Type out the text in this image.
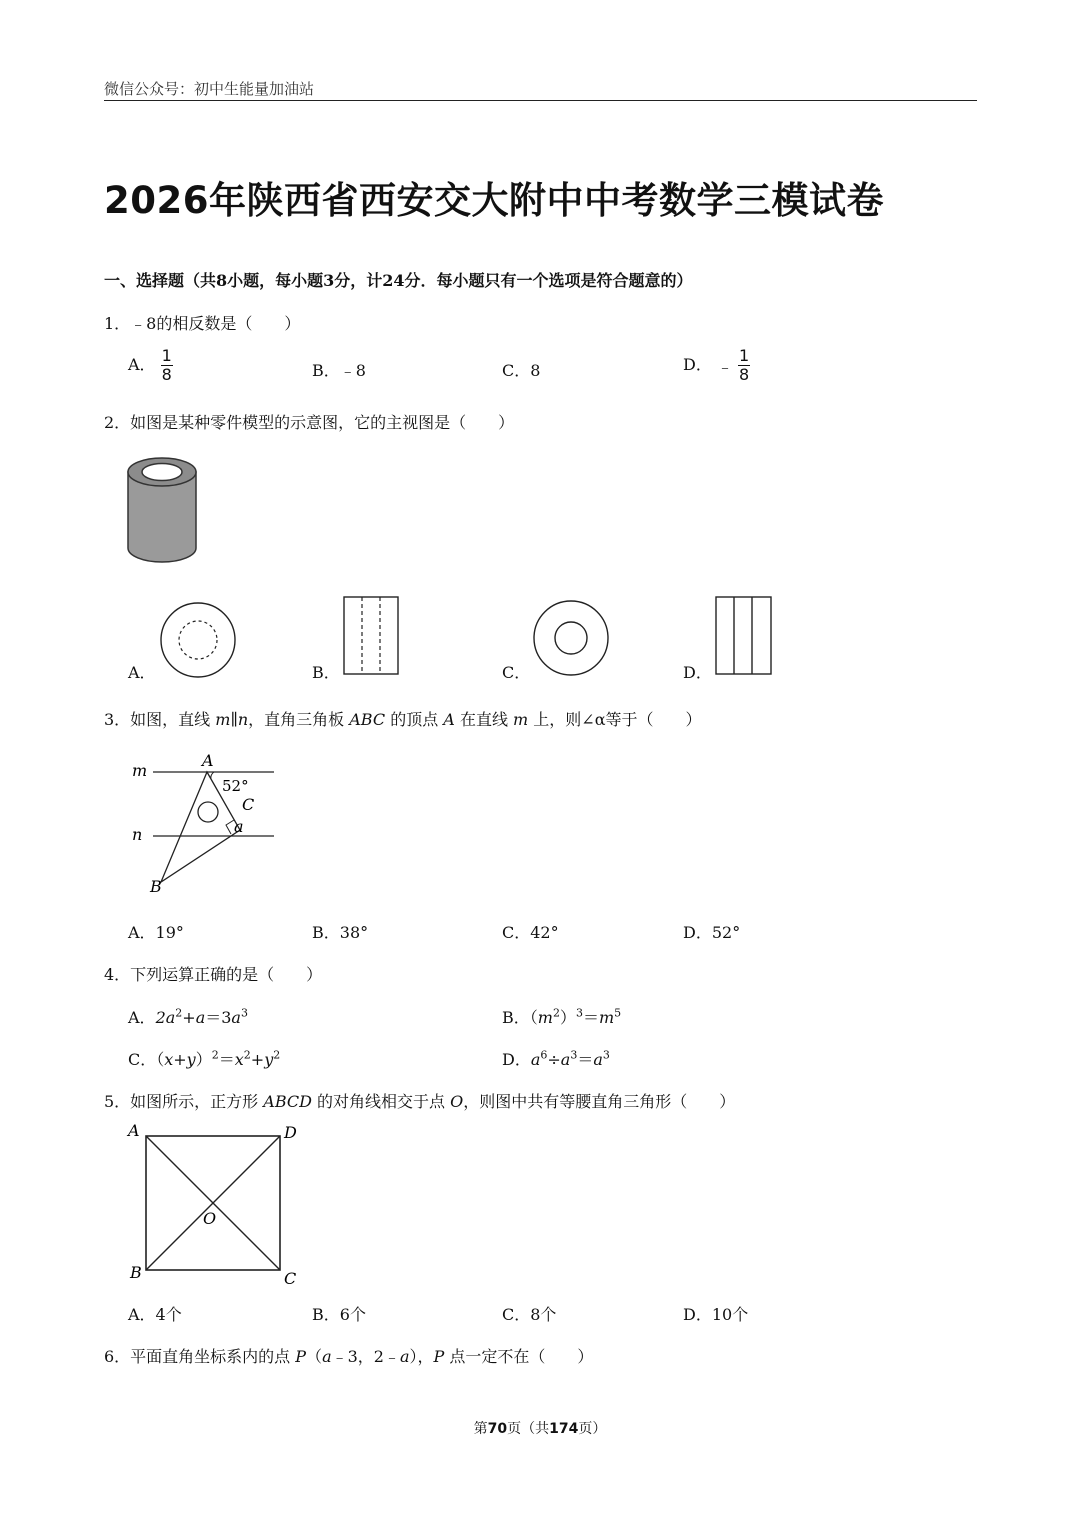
微信公众号：初中生能量加油站
2026年陕西省西安交大附中中考数学三模试卷
一、选择题（共8小题，每小题3分，计24分．每小题只有一个选项是符合题意的）
1．﹣8的相反数是（　　）
A． $\frac{1}{8}$	B．﹣8	C．8	D． ﹣ $\frac{1}{8}$
2．如图是某种零件模型的示意图，它的主视图是（　　）
A．	B．	C．	D．
3．如图，直线 m∥n，直角三角板 ABC 的顶点 A 在直线 m 上，则∠α等于（　　）
m
n
A
B
C
52°
a
A．19°	B．38°	C．42°	D．52°
4．下列运算正确的是（　　）
A．$2a^2+a=3a^3$	B．$(m^2)^3=m^5$
C．$(x+y)^2=x^2+y^2$	D．$a^6\div a^3=a^3$
5．如图所示，正方形 ABCD 的对角线相交于点 O，则图中共有等腰直角三角形（　　）
A	D
B	C
O
A．4个	B．6个	C．8个	D．10个
6．平面直角坐标系内的点 P（a﹣3，2﹣a），P 点一定不在（　　）
第70页（共174页）
